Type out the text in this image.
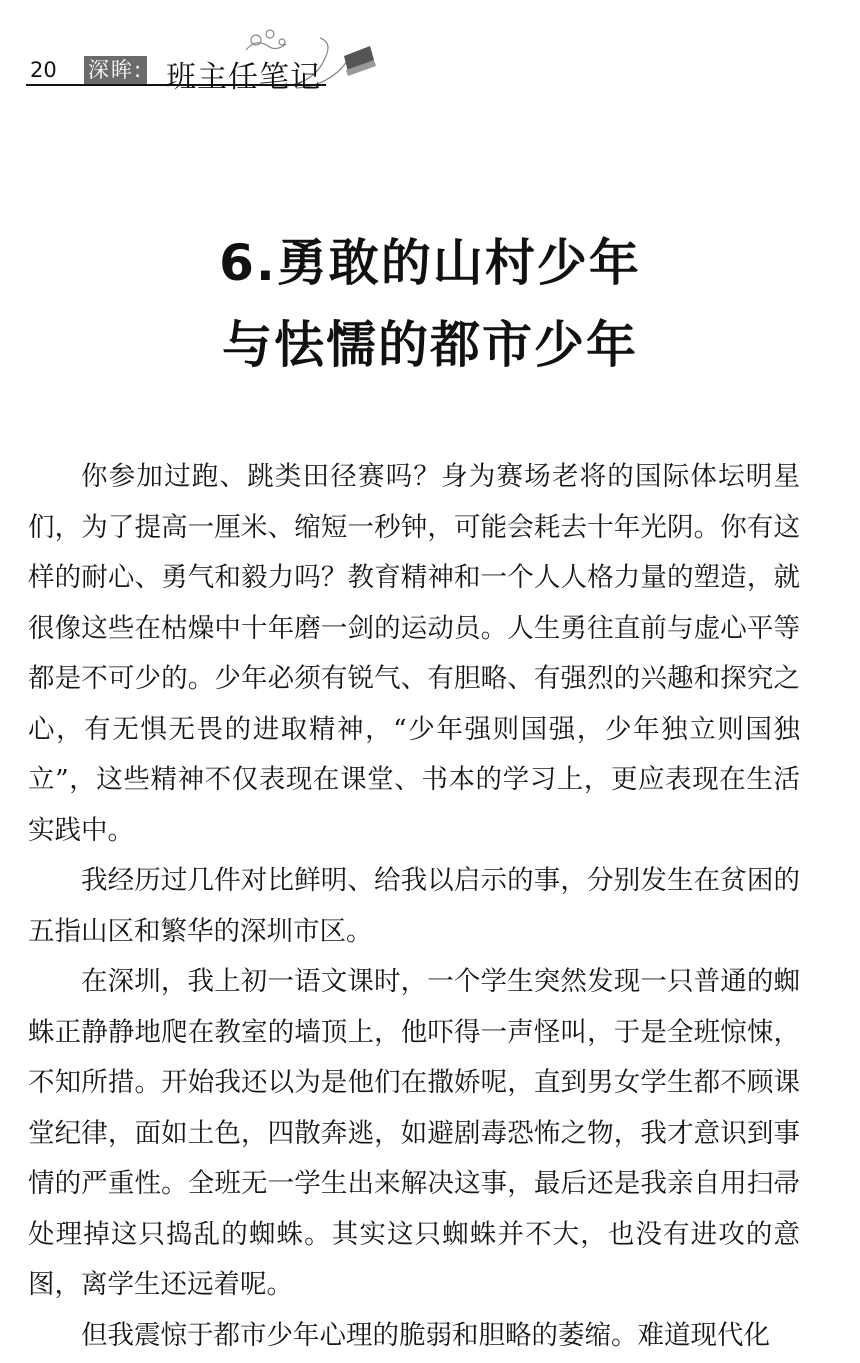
20 深眸: 班主任笔记
6.勇敢的山村少年
与怯懦的都市少年

你参加过跑、跳类田径赛吗？身为赛场老将的国际体坛明星们，为了提高一厘米、缩短一秒钟，可能会耗去十年光阴。你有这样的耐心、勇气和毅力吗？教育精神和一个人人格力量的塑造，就很像这些在枯燥中十年磨一剑的运动员。人生勇往直前与虚心平等都是不可少的。少年必须有锐气、有胆略、有强烈的兴趣和探究之心，有无惧无畏的进取精神，“少年强则国强，少年独立则国独立”，这些精神不仅表现在课堂、书本的学习上，更应表现在生活实践中。

我经历过几件对比鲜明、给我以启示的事，分别发生在贫困的五指山区和繁华的深圳市区。

在深圳，我上初一语文课时，一个学生突然发现一只普通的蜘蛛正静静地爬在教室的墙顶上，他吓得一声怪叫，于是全班惊悚，不知所措。开始我还以为是他们在撒娇呢，直到男女学生都不顾课堂纪律，面如土色，四散奔逃，如避剧毒恐怖之物，我才意识到事情的严重性。全班无一学生出来解决这事，最后还是我亲自用扫帚处理掉这只捣乱的蜘蛛。其实这只蜘蛛并不大，也没有进攻的意图，离学生还远着呢。

但我震惊于都市少年心理的脆弱和胆略的萎缩。难道现代化
